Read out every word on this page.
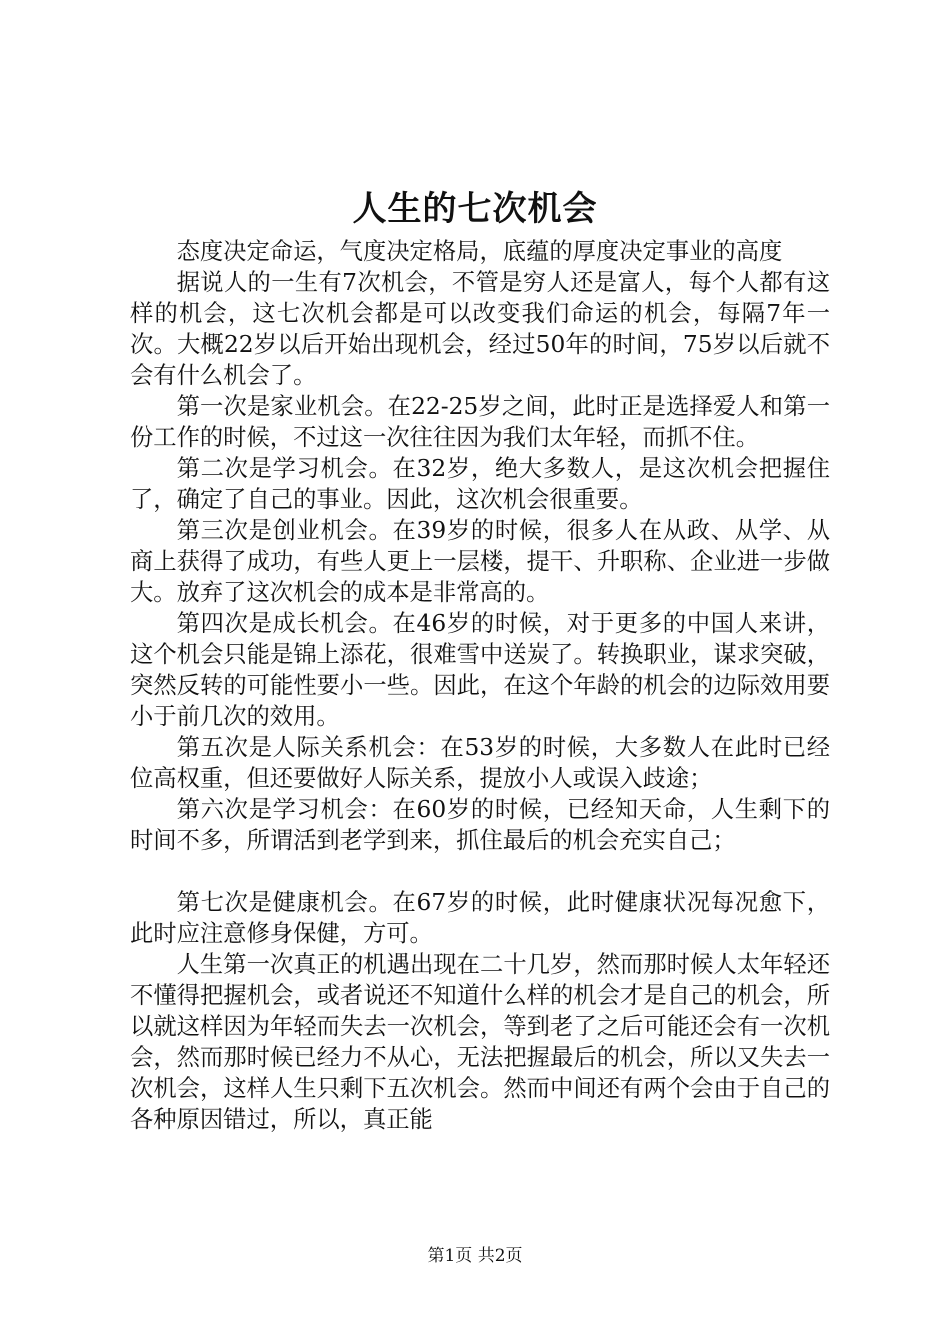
人生的七次机会

态度决定命运，气度决定格局，底蕴的厚度决定事业的高度

据说人的一生有7次机会，不管是穷人还是富人，每个人都有这样的机会，这七次机会都是可以改变我们命运的机会，每隔7年一次。大概22岁以后开始出现机会，经过50年的时间，75岁以后就不会有什么机会了。

第一次是家业机会。在22-25岁之间，此时正是选择爱人和第一份工作的时候，不过这一次往往因为我们太年轻，而抓不住。

第二次是学习机会。在32岁，绝大多数人，是这次机会把握住了，确定了自己的事业。因此，这次机会很重要。

第三次是创业机会。在39岁的时候，很多人在从政、从学、从商上获得了成功，有些人更上一层楼，提干、升职称、企业进一步做大。放弃了这次机会的成本是非常高的。

第四次是成长机会。在46岁的时候，对于更多的中国人来讲，这个机会只能是锦上添花，很难雪中送炭了。转换职业，谋求突破，突然反转的可能性要小一些。因此，在这个年龄的机会的边际效用要小于前几次的效用。

第五次是人际关系机会：在53岁的时候，大多数人在此时已经位高权重，但还要做好人际关系，提放小人或误入歧途；

第六次是学习机会：在60岁的时候，已经知天命，人生剩下的时间不多，所谓活到老学到来，抓住最后的机会充实自己；

第七次是健康机会。在67岁的时候，此时健康状况每况愈下，此时应注意修身保健，方可。

人生第一次真正的机遇出现在二十几岁，然而那时候人太年轻还不懂得把握机会，或者说还不知道什么样的机会才是自己的机会，所以就这样因为年轻而失去一次机会，等到老了之后可能还会有一次机会，然而那时候已经力不从心，无法把握最后的机会，所以又失去一次机会，这样人生只剩下五次机会。然而中间还有两个会由于自己的各种原因错过，所以，真正能

第1页 共2页
